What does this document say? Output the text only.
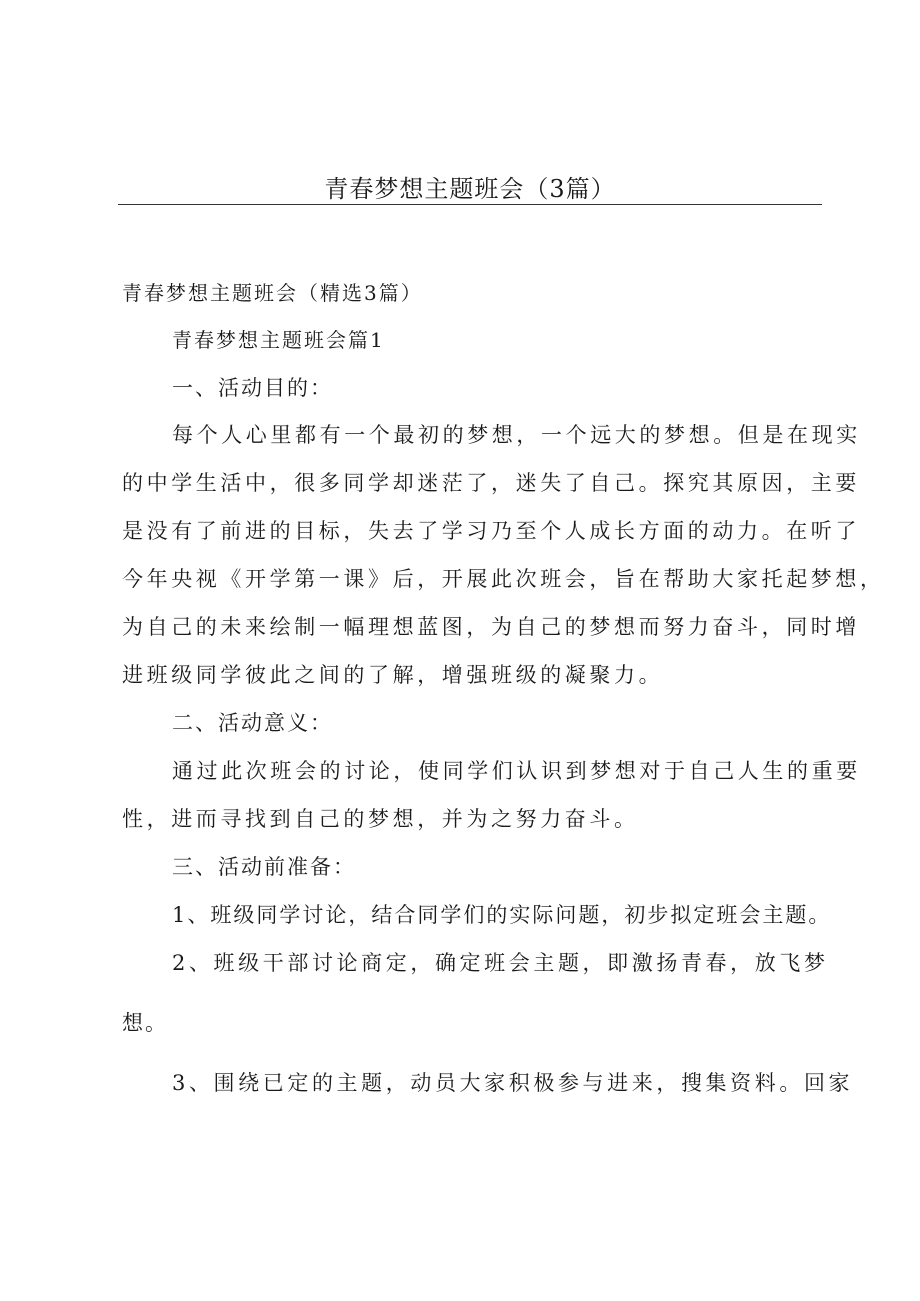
青春梦想主题班会（3篇）
青春梦想主题班会（精选3篇）
青春梦想主题班会篇1
一、活动目的：
每个人心里都有一个最初的梦想，一个远大的梦想。但是在现实
的中学生活中，很多同学却迷茫了，迷失了自己。探究其原因，主要
是没有了前进的目标，失去了学习乃至个人成长方面的动力。在听了
今年央视《开学第一课》后，开展此次班会，旨在帮助大家托起梦想，
为自己的未来绘制一幅理想蓝图，为自己的梦想而努力奋斗，同时增
进班级同学彼此之间的了解，增强班级的凝聚力。
二、活动意义：
通过此次班会的讨论，使同学们认识到梦想对于自己人生的重要
性，进而寻找到自己的梦想，并为之努力奋斗。
三、活动前准备：
1、班级同学讨论，结合同学们的实际问题，初步拟定班会主题。
2、班级干部讨论商定，确定班会主题，即激扬青春，放飞梦
想。
3、围绕已定的主题，动员大家积极参与进来，搜集资料。回家
